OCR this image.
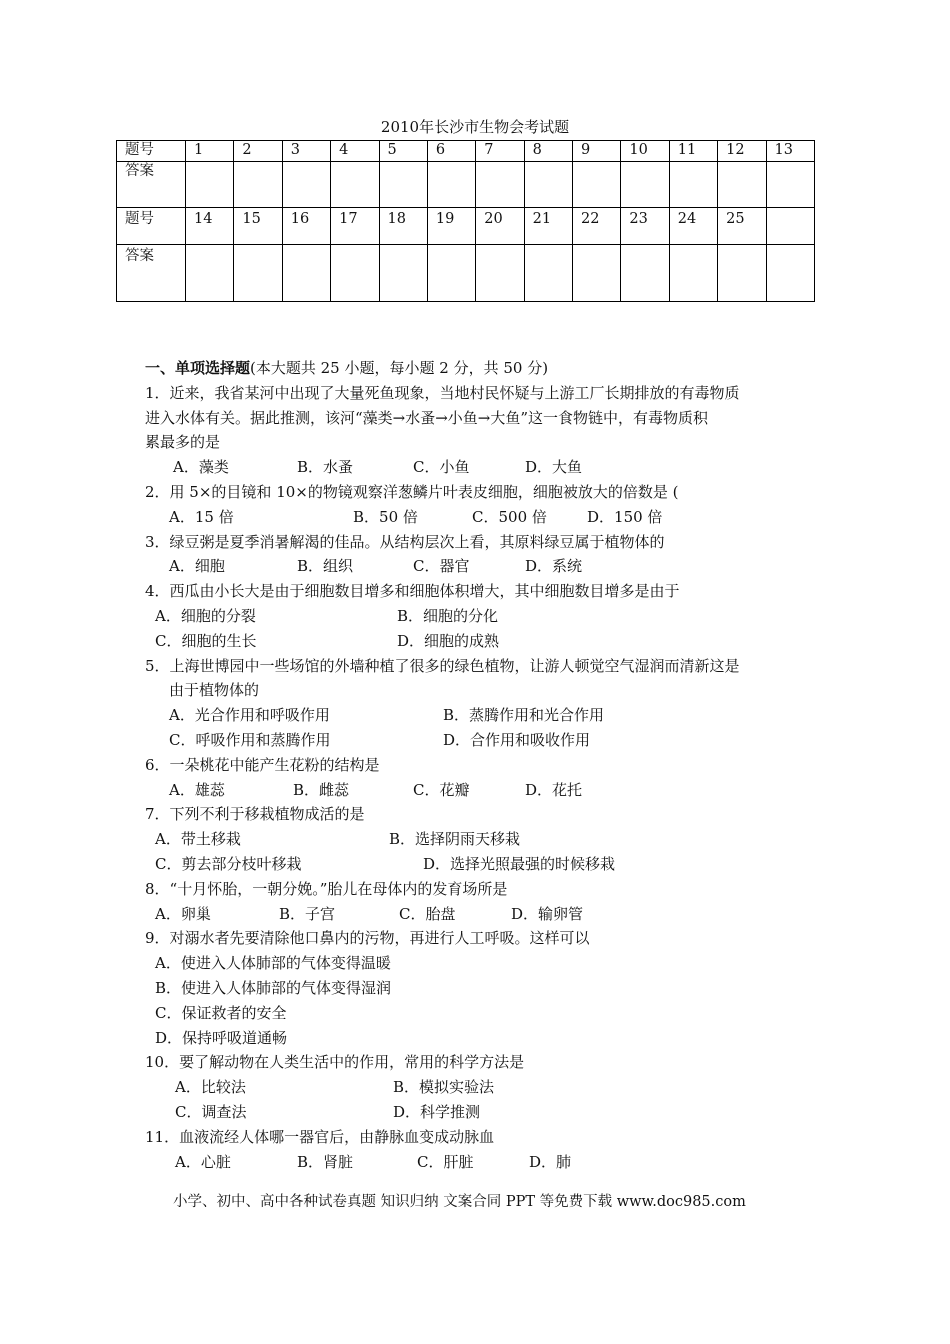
2010年长沙市生物会考试题
题号	1	2	3	4	5	6	7	8	9	10	11	12	13
答案													
题号	14	15	16	17	18	19	20	21	22	23	24	25	
答案													
一、单项选择题(本大题共 25 小题，每小题 2 分，共 50 分)
1．近来，我省某河中出现了大量死鱼现象，当地村民怀疑与上游工厂长期排放的有毒物质
进入水体有关。据此推测，该河“藻类→水蚤→小鱼→大鱼”这一食物链中，有毒物质积
累最多的是
A．藻类	B．水蚤	C．小鱼	D．大鱼
2．用 5×的目镜和 10×的物镜观察洋葱鳞片叶表皮细胞，细胞被放大的倍数是 (
A．15 倍	B．50 倍	C．500 倍	D．150 倍
3．绿豆粥是夏季消暑解渴的佳品。从结构层次上看，其原料绿豆属于植物体的
A．细胞	B．组织	C．器官	D．系统
4．西瓜由小长大是由于细胞数目增多和细胞体积增大，其中细胞数目增多是由于
A．细胞的分裂	B．细胞的分化
C．细胞的生长	D．细胞的成熟
5．上海世博园中一些场馆的外墙种植了很多的绿色植物，让游人顿觉空气湿润而清新这是
由于植物体的
A．光合作用和呼吸作用	B．蒸腾作用和光合作用
C．呼吸作用和蒸腾作用	D．合作用和吸收作用
6．一朵桃花中能产生花粉的结构是
A．雄蕊	B．雌蕊	C．花瓣	D．花托
7．下列不利于移栽植物成活的是
A．带土移栽	B．选择阴雨天移栽
C．剪去部分枝叶移栽	D．选择光照最强的时候移栽
8．“十月怀胎，一朝分娩。”胎儿在母体内的发育场所是
A．卵巢	B．子宫	C．胎盘	D．输卵管
9．对溺水者先要清除他口鼻内的污物，再进行人工呼吸。这样可以
A．使进入人体肺部的气体变得温暖
B．使进入人体肺部的气体变得湿润
C．保证救者的安全
D．保持呼吸道通畅
10．要了解动物在人类生活中的作用，常用的科学方法是
A．比较法	B．模拟实验法
C．调查法	D．科学推测
11．血液流经人体哪一器官后，由静脉血变成动脉血
A．心脏	B．肾脏	C．肝脏	D．肺
小学、初中、高中各种试卷真题 知识归纳 文案合同 PPT 等免费下载 www.doc985.com
